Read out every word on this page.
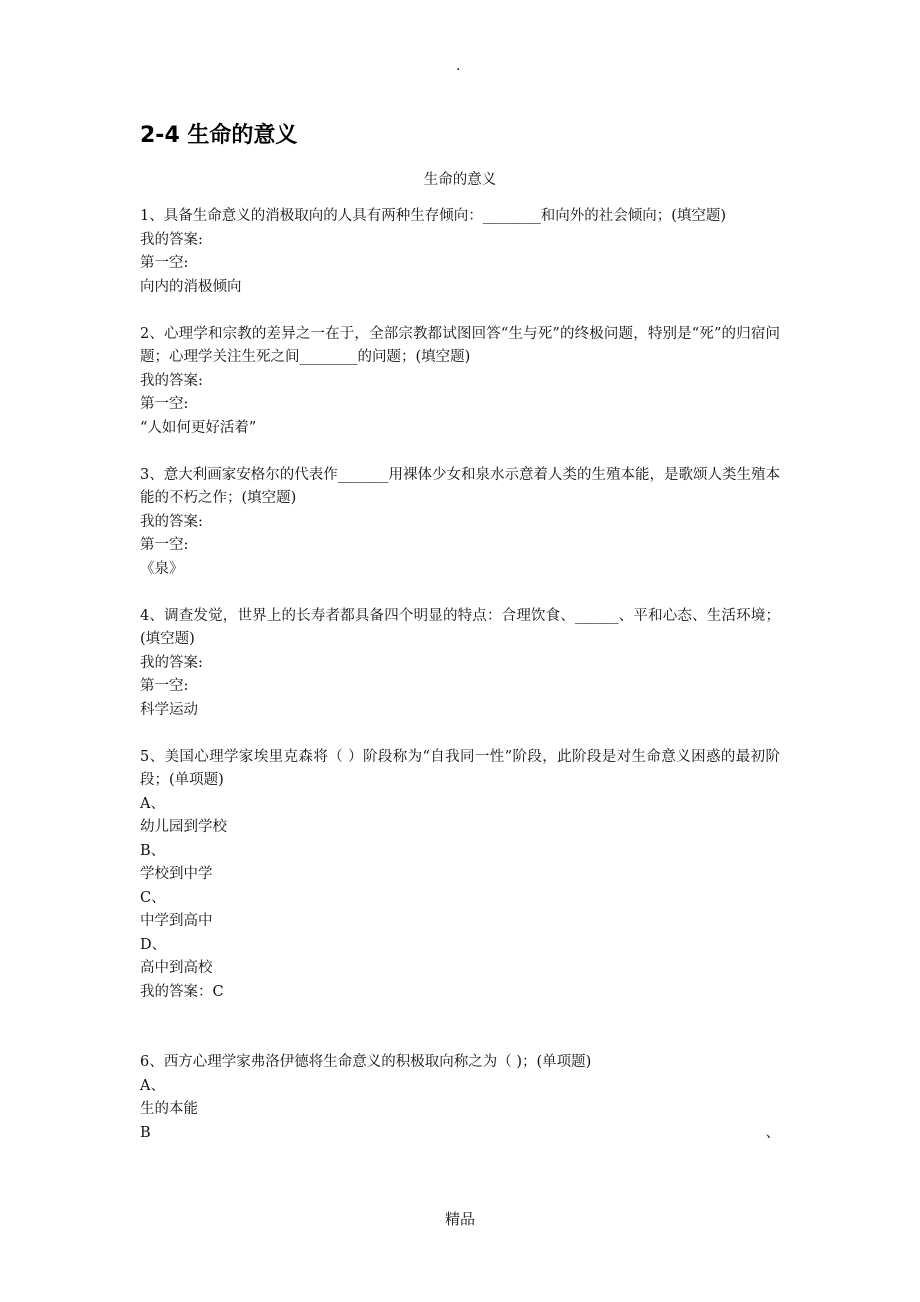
.
2-4 生命的意义
生命的意义

1、具备生命意义的消极取向的人具有两种生存倾向：________和向外的社会倾向；(填空题)

我的答案:

第一空:

向内的消极倾向

2、心理学和宗教的差异之一在于，全部宗教都试图回答“生与死”的终极问题，特别是“死”的归宿问题；心理学关注生死之间________的问题；(填空题)

我的答案:

第一空:

“人如何更好活着”

3、意大利画家安格尔的代表作_______用裸体少女和泉水示意着人类的生殖本能，是歌颂人类生殖本能的不朽之作；(填空题)

我的答案:

第一空:

《泉》

4、调查发觉，世界上的长寿者都具备四个明显的特点：合理饮食、______、平和心态、生活环境；(填空题)

我的答案:

第一空:

科学运动

5、美国心理学家埃里克森将（ ）阶段称为“自我同一性”阶段，此阶段是对生命意义困惑的最初阶段；(单项题)

A、

幼儿园到学校

B、

学校到中学

C、

中学到高中

D、

高中到高校

我的答案：C

6、西方心理学家弗洛伊德将生命意义的积极取向称之为（ )；(单项题)

A、

生的本能

B	、

精品
